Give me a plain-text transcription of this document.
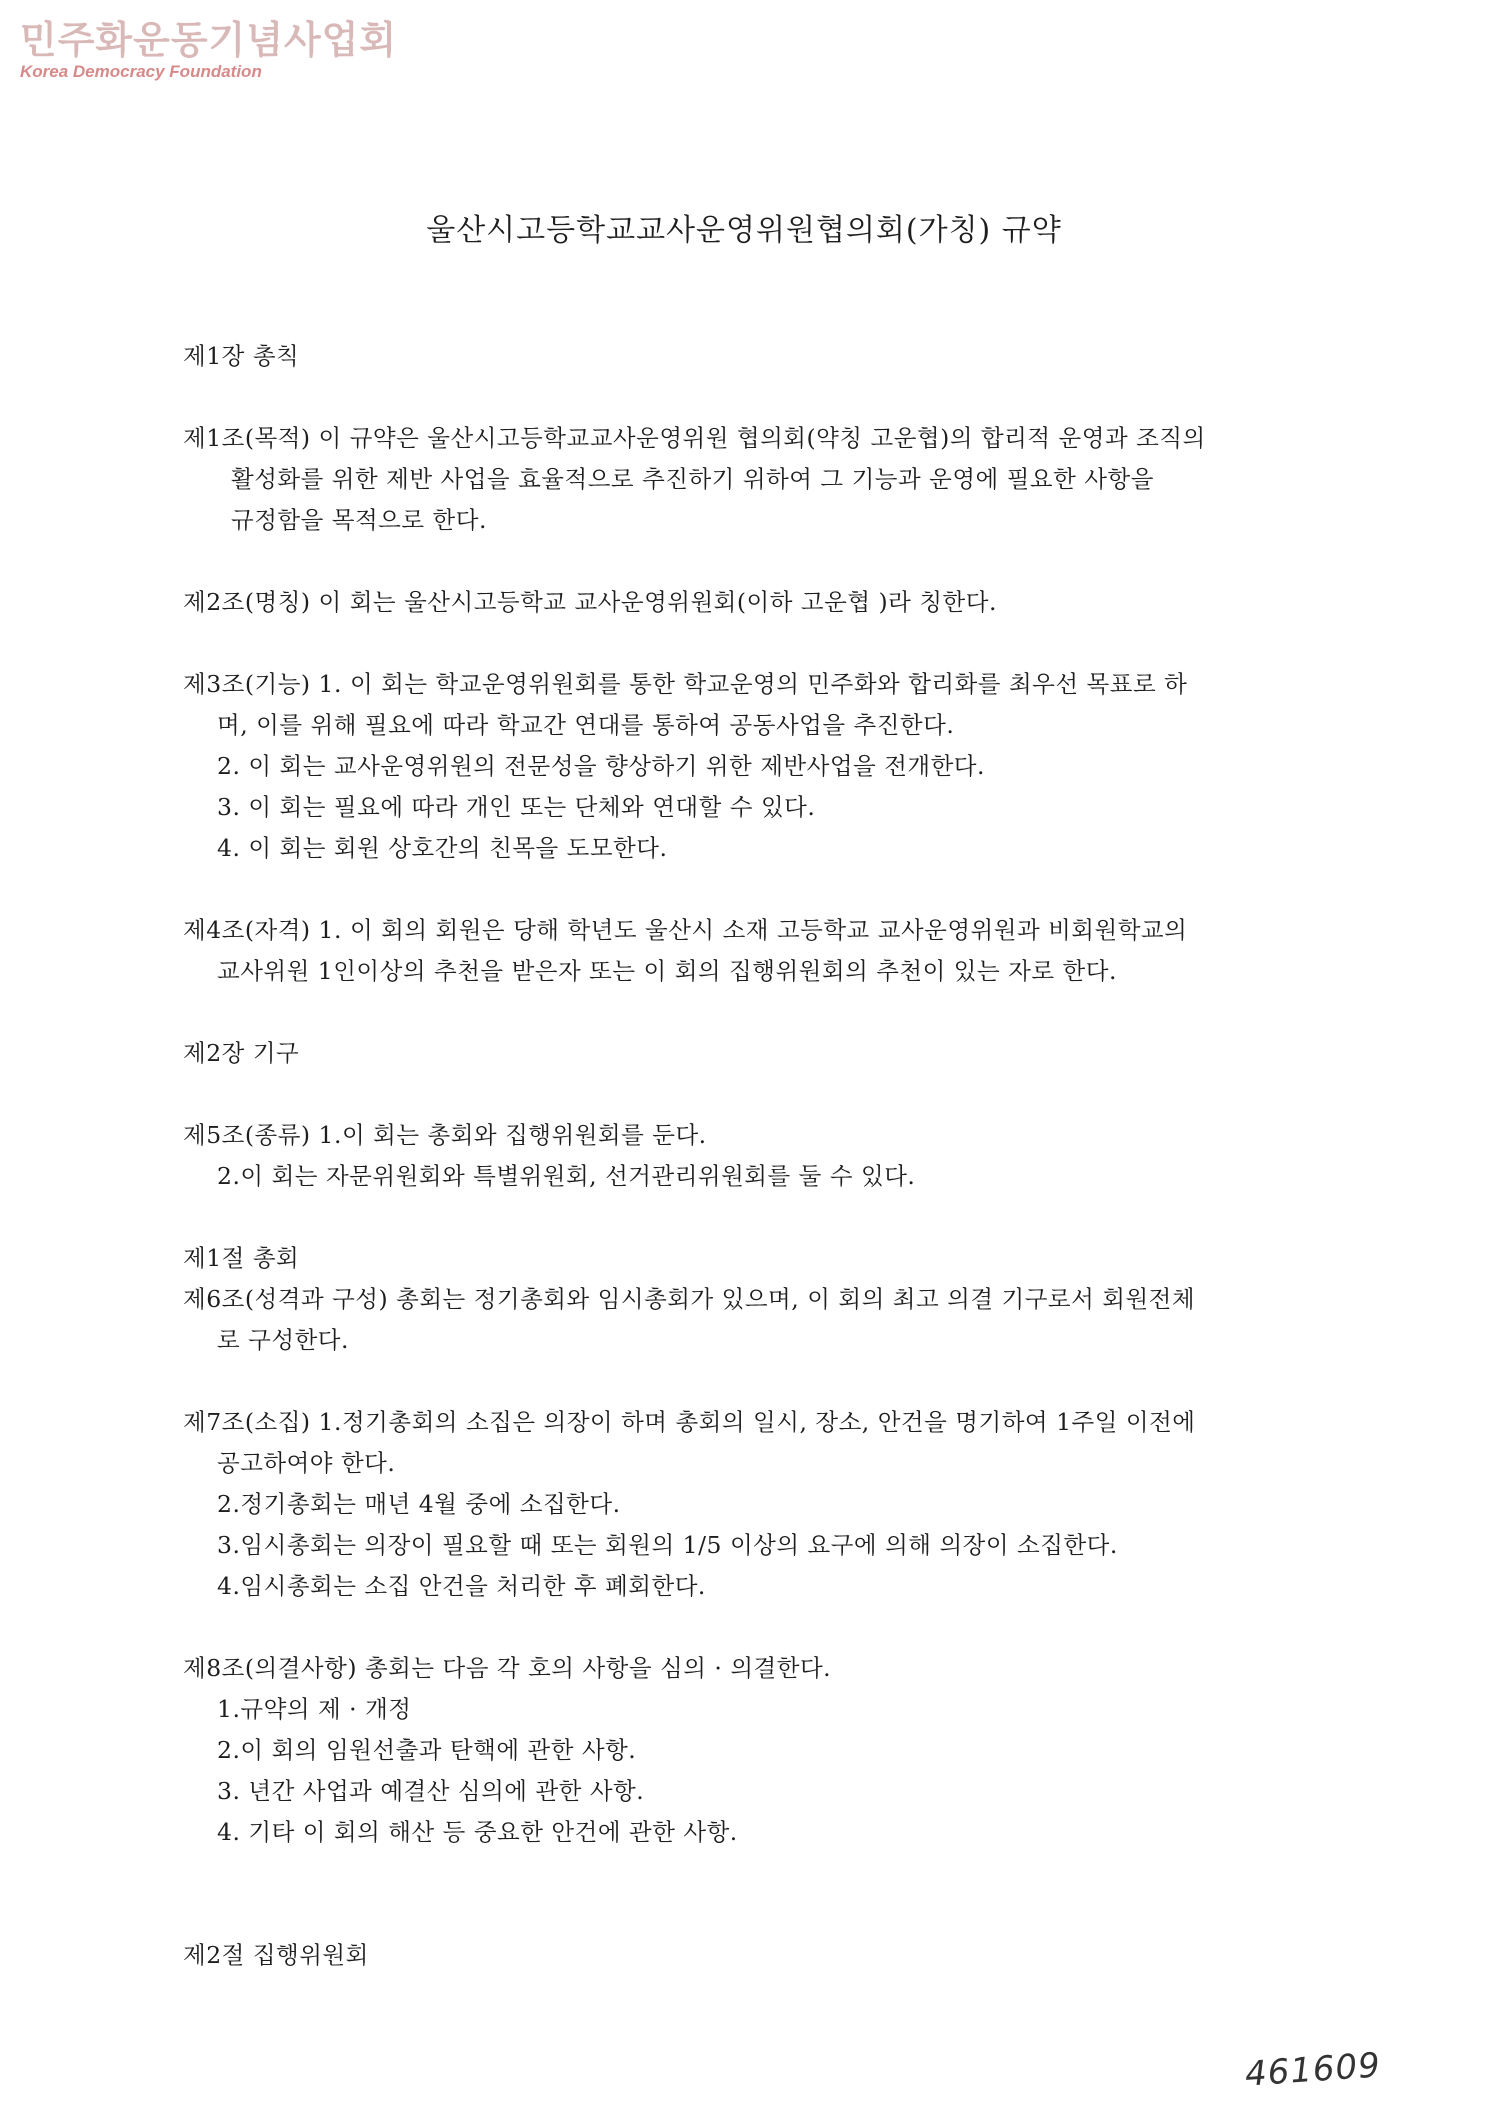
민주화운동기념사업회
Korea Democracy Foundation
울산시고등학교교사운영위원협의회(가칭) 규약

제1장 총칙

제1조(목적) 이 규약은 울산시고등학교교사운영위원 협의회(약칭 고운협)의 합리적 운영과 조직의

활성화를 위한 제반 사업을 효율적으로 추진하기 위하여 그 기능과 운영에 필요한 사항을

규정함을 목적으로 한다.

제2조(명칭) 이 회는 울산시고등학교 교사운영위원회(이하 고운협 )라 칭한다.

제3조(기능) 1. 이 회는 학교운영위원회를 통한 학교운영의 민주화와 합리화를 최우선 목표로 하

며, 이를 위해 필요에 따라 학교간 연대를 통하여 공동사업을 추진한다.

2. 이 회는 교사운영위원의 전문성을 향상하기 위한 제반사업을 전개한다.

3. 이 회는 필요에 따라 개인 또는 단체와 연대할 수 있다.

4. 이 회는 회원 상호간의 친목을 도모한다.

제4조(자격) 1. 이 회의 회원은 당해 학년도 울산시 소재 고등학교 교사운영위원과 비회원학교의

교사위원 1인이상의 추천을 받은자 또는 이 회의 집행위원회의 추천이 있는 자로 한다.

제2장 기구

제5조(종류) 1.이 회는 총회와 집행위원회를 둔다.

2.이 회는 자문위원회와 특별위원회, 선거관리위원회를 둘 수 있다.

제1절 총회

제6조(성격과 구성) 총회는 정기총회와 임시총회가 있으며, 이 회의 최고 의결 기구로서 회원전체

로 구성한다.

제7조(소집) 1.정기총회의 소집은 의장이 하며 총회의 일시, 장소, 안건을 명기하여 1주일 이전에

공고하여야 한다.

2.정기총회는 매년 4월 중에 소집한다.

3.임시총회는 의장이 필요할 때 또는 회원의 1/5 이상의 요구에 의해 의장이 소집한다.

4.임시총회는 소집 안건을 처리한 후 폐회한다.

제8조(의결사항) 총회는 다음 각 호의 사항을 심의 · 의결한다.

1.규약의 제 · 개정

2.이 회의 임원선출과 탄핵에 관한 사항.

3. 년간 사업과 예결산 심의에 관한 사항.

4. 기타 이 회의 해산 등 중요한 안건에 관한 사항.

제2절 집행위원회

461609
